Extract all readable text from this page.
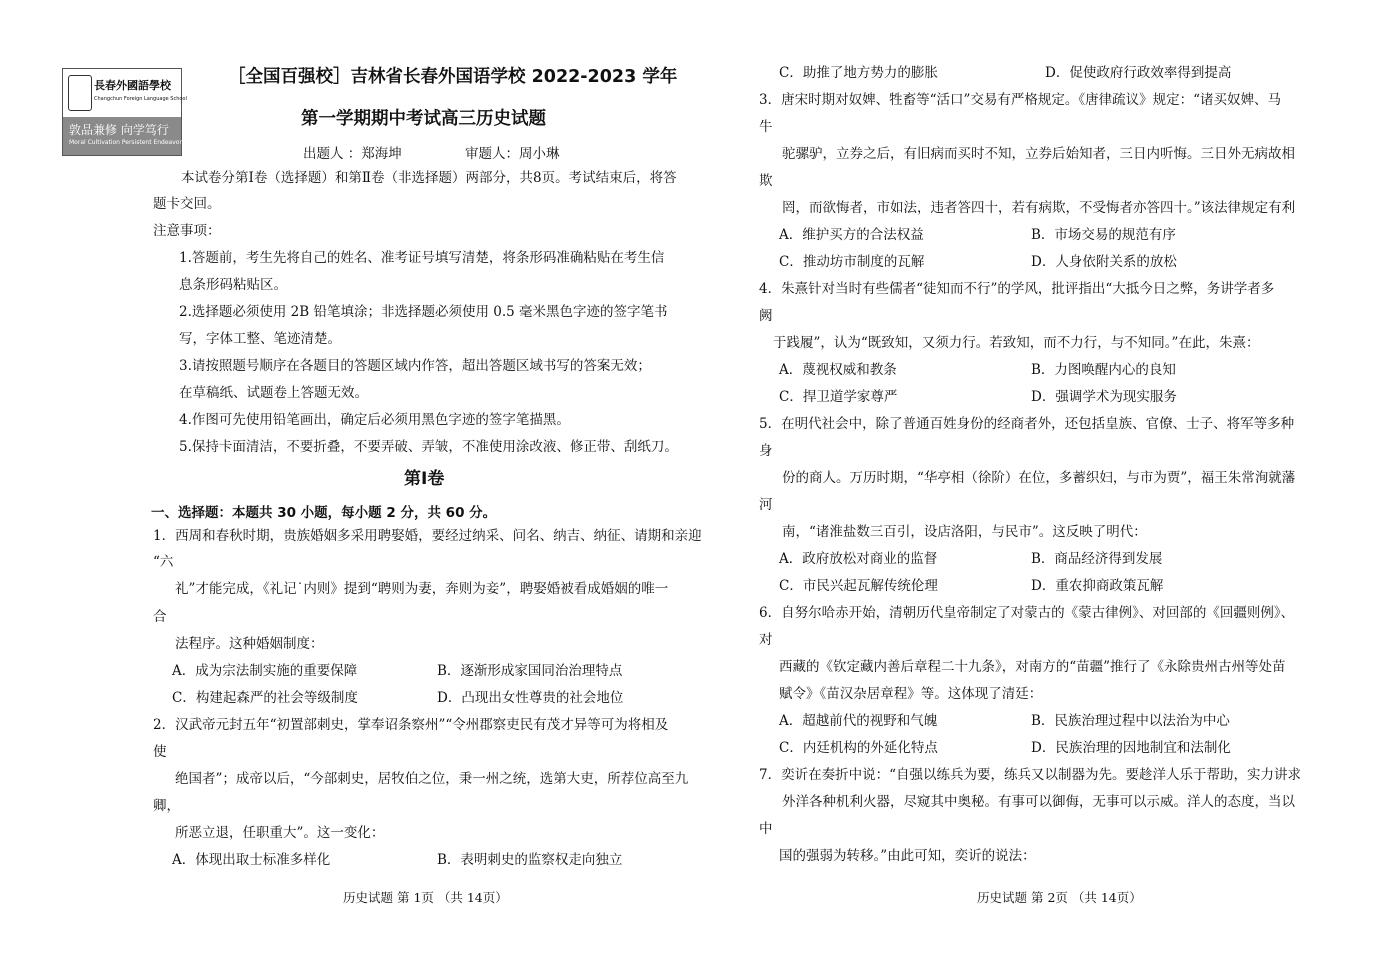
長春外國語學校
Changchun Foreign Language School
敦品兼修 向学笃行
Moral Cultivation Persistent Endeavor
［全国百强校］吉林省长春外国语学校 2022-2023 学年
第一学期期中考试高三历史试题
出题人 ：郑海坤	审题人：周小琳
本试卷分第Ⅰ卷（选择题）和第Ⅱ卷（非选择题）两部分，共8页。考试结束后，将答
题卡交回。
注意事项：
1.答题前，考生先将自己的姓名、准考证号填写清楚，将条形码准确粘贴在考生信
息条形码粘贴区。
2.选择题必须使用 2B 铅笔填涂；非选择题必须使用 0.5 毫米黑色字迹的签字笔书
写，字体工整、笔迹清楚。
3.请按照题号顺序在各题目的答题区域内作答，超出答题区域书写的答案无效；
在草稿纸、试题卷上答题无效。
4.作图可先使用铅笔画出，确定后必须用黑色字迹的签字笔描黑。
5.保持卡面清洁，不要折叠，不要弄破、弄皱，不准使用涂改液、修正带、刮纸刀。
第Ⅰ卷
一、选择题：本题共 30 小题，每小题 2 分，共 60 分。
1．西周和春秋时期，贵族婚姻多采用聘娶婚，要经过纳采、问名、纳吉、纳征、请期和亲迎
“六
礼”才能完成，《礼记˙内则》提到“聘则为妻，奔则为妾”，聘娶婚被看成婚姻的唯一
合
法程序。这种婚姻制度：
A．成为宗法制实施的重要保障	B．逐渐形成家国同治治理特点
C．构建起森严的社会等级制度	D．凸现出女性尊贵的社会地位
2．汉武帝元封五年“初置部刺史，掌奉诏条察州”“令州郡察吏民有茂才异等可为将相及
使
绝国者”；成帝以后，“今部刺史，居牧伯之位，秉一州之统，选第大吏，所荐位高至九
卿，
所恶立退，任职重大”。这一变化：
A．体现出取士标准多样化	B．表明刺史的监察权走向独立
历史试题 第 1页 （共 14页）
C．助推了地方势力的膨胀	D．促使政府行政效率得到提高
3．唐宋时期对奴婢、牲畜等“活口”交易有严格规定。《唐律疏议》规定：“诸买奴婢、马
牛
驼骡驴，立券之后，有旧病而买时不知，立券后始知者，三日内听悔。三日外无病故相
欺
罔，而欲悔者，市如法，违者答四十，若有病欺，不受悔者亦答四十。”该法律规定有利
A．维护买方的合法权益	B．市场交易的规范有序
C．推动坊市制度的瓦解	D．人身依附关系的放松
4．朱熹针对当时有些儒者“徒知而不行”的学风，批评指出“大抵今日之弊，务讲学者多
阙
于践履”，认为“既致知，又须力行。若致知，而不力行，与不知同。”在此，朱熹：
A．蔑视权威和教条	B．力图唤醒内心的良知
C．捍卫道学家尊严	D．强调学术为现实服务
5．在明代社会中，除了普通百姓身份的经商者外，还包括皇族、官僚、士子、将军等多种
身
份的商人。万历时期，“华亭相（徐阶）在位，多蓄织妇，与市为贾”，福王朱常洵就藩
河
南，“诸淮盐数三百引，设店洛阳，与民市”。这反映了明代：
A．政府放松对商业的监督	B．商品经济得到发展
C．市民兴起瓦解传统伦理	D．重农抑商政策瓦解
6．自努尔哈赤开始，清朝历代皇帝制定了对蒙古的《蒙古律例》、对回部的《回疆则例》、
对
西藏的《钦定藏内善后章程二十九条》，对南方的“苗疆”推行了《永除贵州古州等处苗
赋令》《苗汉杂居章程》等。这体现了清廷：
A．超越前代的视野和气魄	B．民族治理过程中以法治为中心
C．内廷机构的外延化特点	D．民族治理的因地制宜和法制化
7．奕䜣在奏折中说：“自强以练兵为要，练兵又以制器为先。要趁洋人乐于帮助，实力讲求
外洋各种机利火器，尽窥其中奥秘。有事可以御侮，无事可以示威。洋人的态度，当以
中
国的强弱为转移。”由此可知，奕䜣的说法：
历史试题 第 2页 （共 14页）
